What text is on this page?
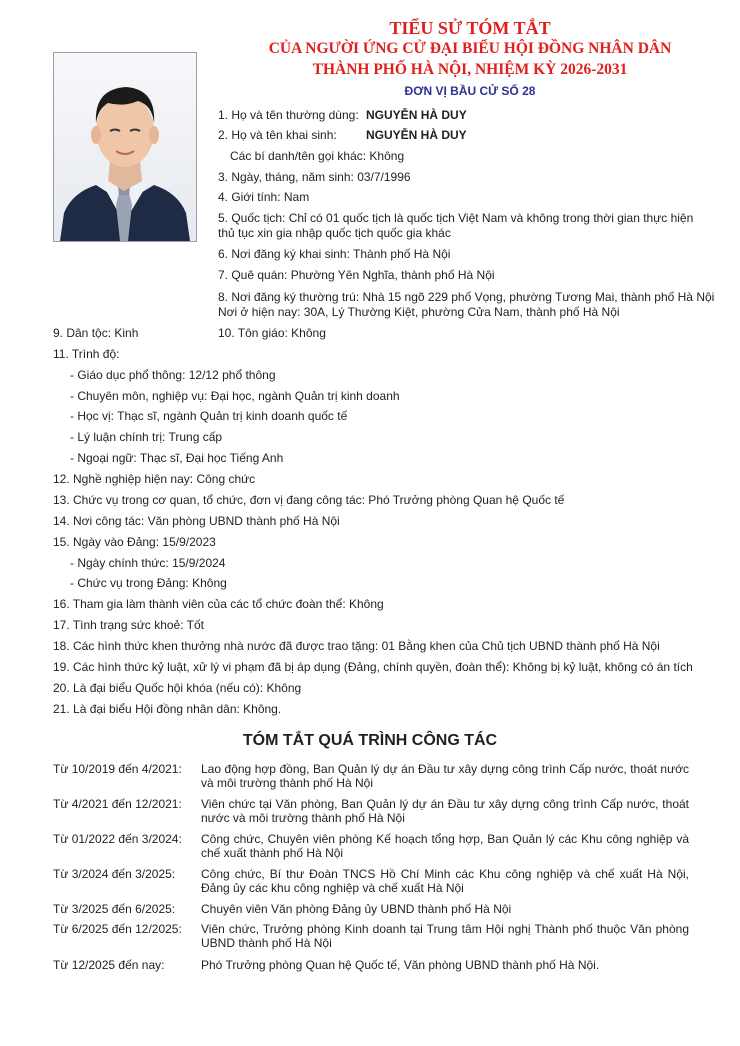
TIỂU SỬ TÓM TẮT
CỦA NGƯỜI ỨNG CỬ ĐẠI BIỂU HỘI ĐỒNG NHÂN DÂN
THÀNH PHỐ HÀ NỘI, NHIỆM KỲ 2026-2031
ĐƠN VỊ BẦU CỬ SỐ 28
1. Họ và tên thường dùng: NGUYỄN HÀ DUY
2. Họ và tên khai sinh: NGUYỄN HÀ DUY
Các bí danh/tên gọi khác: Không
3. Ngày, tháng, năm sinh: 03/7/1996
4. Giới tính: Nam
5. Quốc tịch: Chỉ có 01 quốc tịch là quốc tịch Việt Nam và không trong thời gian thực hiện
thủ tục xin gia nhập quốc tịch quốc gia khác
6. Nơi đăng ký khai sinh: Thành phố Hà Nội
7. Quê quán: Phường Yên Nghĩa, thành phố Hà Nội
8. Nơi đăng ký thường trú: Nhà 15 ngõ 229 phố Vọng, phường Tương Mai, thành phố Hà Nội
Nơi ở hiện nay: 30A, Lý Thường Kiệt, phường Cửa Nam, thành phố Hà Nội
9. Dân tộc: Kinh	10. Tôn giáo: Không
11. Trình độ:
- Giáo dục phổ thông: 12/12 phổ thông
- Chuyên môn, nghiệp vụ: Đại học, ngành Quản trị kinh doanh
- Học vị: Thạc sĩ, ngành Quản trị kinh doanh quốc tế
- Lý luận chính trị: Trung cấp
- Ngoại ngữ: Thạc sĩ, Đại học Tiếng Anh
12. Nghề nghiệp hiện nay: Công chức
13. Chức vụ trong cơ quan, tổ chức, đơn vị đang công tác: Phó Trưởng phòng Quan hệ Quốc tế
14. Nơi công tác: Văn phòng UBND thành phố Hà Nội
15. Ngày vào Đảng: 15/9/2023
- Ngày chính thức: 15/9/2024
- Chức vụ trong Đảng: Không
16. Tham gia làm thành viên của các tổ chức đoàn thể: Không
17. Tình trạng sức khoẻ: Tốt
18. Các hình thức khen thưởng nhà nước đã được trao tặng: 01 Bằng khen của Chủ tịch UBND thành phố Hà Nội
19. Các hình thức kỷ luật, xử lý vi phạm đã bị áp dụng (Đảng, chính quyền, đoàn thể): Không bị kỷ luật, không có án tích
20. Là đại biểu Quốc hội khóa (nếu có): Không
21. Là đại biểu Hội đồng nhân dân: Không.
TÓM TẮT QUÁ TRÌNH CÔNG TÁC
Từ 10/2019 đến 4/2021: Lao động hợp đồng, Ban Quản lý dự án Đầu tư xây dựng công trình Cấp nước, thoát nước và môi trường thành phố Hà Nội
Từ 4/2021 đến 12/2021: Viên chức tại Văn phòng, Ban Quản lý dự án Đầu tư xây dựng công trình Cấp nước, thoát nước và môi trường thành phố Hà Nội
Từ 01/2022 đến 3/2024: Công chức, Chuyên viên phòng Kế hoạch tổng hợp, Ban Quản lý các Khu công nghiệp và chế xuất thành phố Hà Nội
Từ 3/2024 đến 3/2025: Công chức, Bí thư Đoàn TNCS Hồ Chí Minh các Khu công nghiệp và chế xuất Hà Nội, Đảng ủy các khu công nghiệp và chế xuất Hà Nội
Từ 3/2025 đến 6/2025: Chuyên viên Văn phòng Đảng ủy UBND thành phố Hà Nội
Từ 6/2025 đến 12/2025: Viên chức, Trưởng phòng Kinh doanh tại Trung tâm Hội nghị Thành phố thuộc Văn phòng UBND thành phố Hà Nội
Từ 12/2025 đến nay:	Phó Trưởng phòng Quan hệ Quốc tế, Văn phòng UBND thành phố Hà Nội.
